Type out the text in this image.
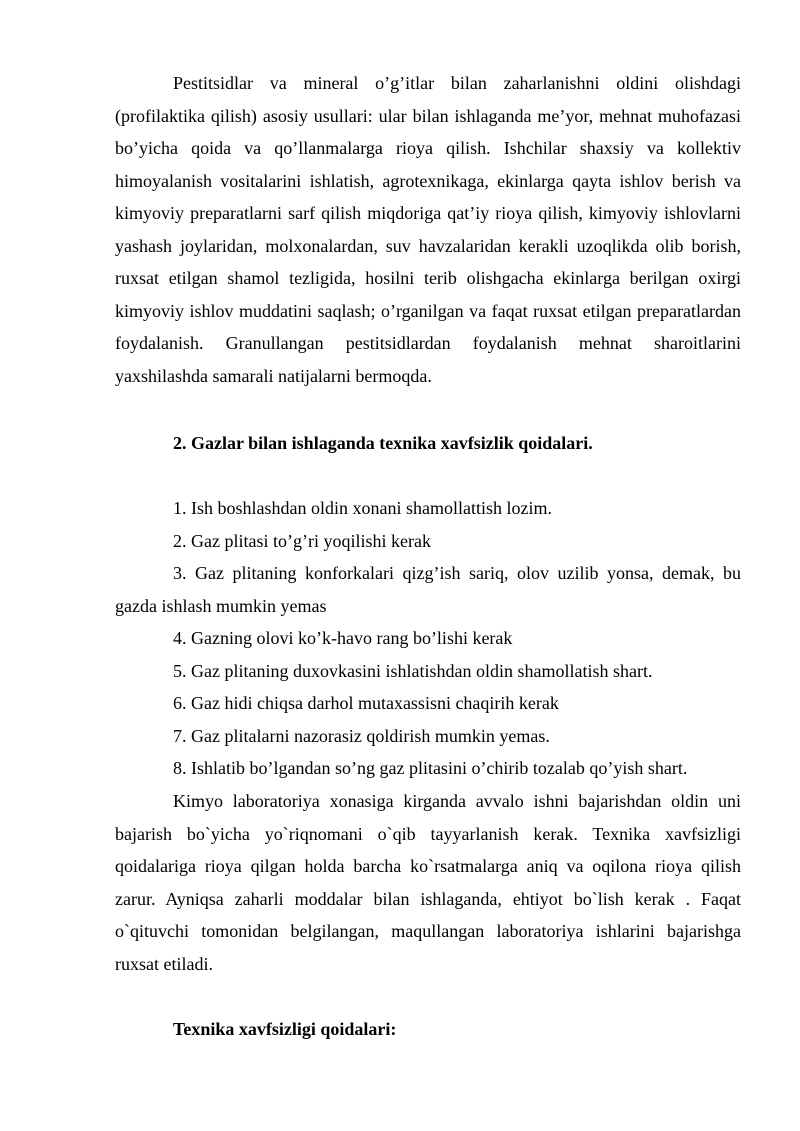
Pestitsidlar va mineral o’g’itlar bilan zaharlanishni oldini olishdagi (profilaktika qilish) asosiy usullari: ular bilan ishlaganda me’yor, mehnat muhofazasi bo’yicha qoida va qo’llanmalarga rioya qilish. Ishchilar shaxsiy va kollektiv himoyalanish vositalarini ishlatish, agrotexnikaga, ekinlarga qayta ishlov berish va kimyoviy preparatlarni sarf qilish miqdoriga qat’iy rioya qilish, kimyoviy ishlovlarni yashash joylaridan, molxonalardan, suv havzalaridan kerakli uzoqlikda olib borish, ruxsat etilgan shamol tezligida, hosilni terib olishgacha ekinlarga berilgan oxirgi kimyoviy ishlov muddatini saqlash; o’rganilgan va faqat ruxsat etilgan preparatlardan foydalanish. Granullangan pestitsidlardan foydalanish mehnat sharoitlarini yaxshilashda samarali natijalarni bermoqda.

2. Gazlar bilan ishlaganda texnika xavfsizlik qoidalari.

1. Ish boshlashdan oldin xonani shamollattish lozim.

2. Gaz plitasi to’g’ri yoqilishi kerak

3. Gaz plitaning konforkalari qizg’ish sariq, olov uzilib yonsa, demak, bu gazda ishlash mumkin yemas

4. Gazning olovi ko’k-havo rang bo’lishi kerak

5. Gaz plitaning duxovkasini ishlatishdan oldin shamollatish shart.

6. Gaz hidi chiqsa darhol mutaxassisni chaqirih kerak

7. Gaz plitalarni nazorasiz qoldirish mumkin yemas.

8. Ishlatib bo’lgandan so’ng gaz plitasini o’chirib tozalab qo’yish shart.

Kimyo laboratoriya xonasiga kirganda avvalo ishni bajarishdan oldin uni bajarish bo`yicha yo`riqnomani o`qib tayyarlanish kerak. Texnika xavfsizligi qoidalariga rioya qilgan holda barcha ko`rsatmalarga aniq va oqilona rioya qilish zarur. Ayniqsa zaharli moddalar bilan ishlaganda, ehtiyot bo`lish kerak . Faqat o`qituvchi tomonidan belgilangan, maqullangan laboratoriya ishlarini bajarishga ruxsat etiladi.

Texnika xavfsizligi qoidalari:
